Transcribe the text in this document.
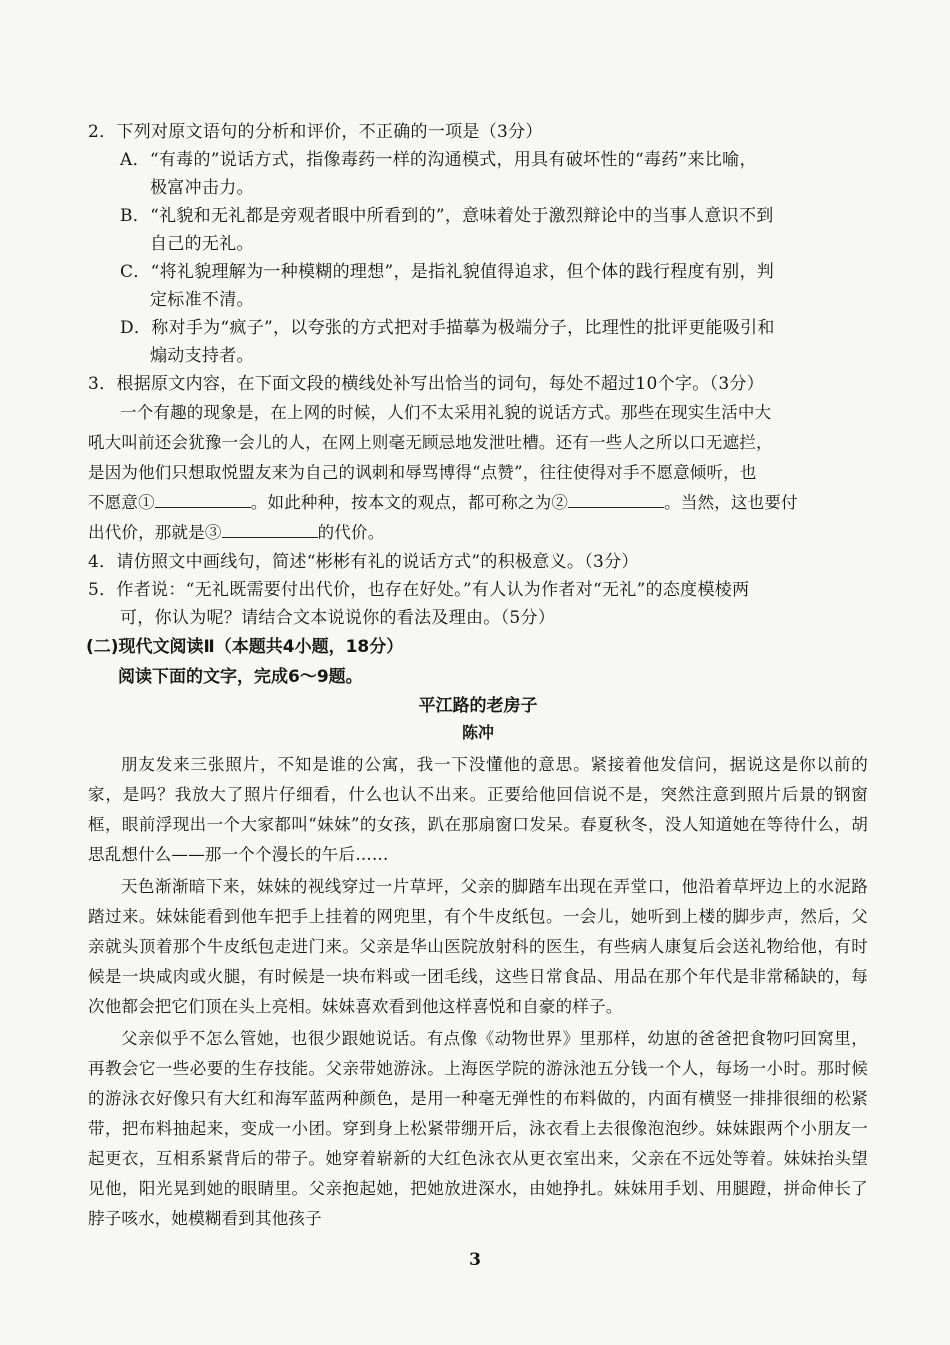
2．下列对原文语句的分析和评价，不正确的一项是（3分）
A．“有毒的”说话方式，指像毒药一样的沟通模式，用具有破坏性的“毒药”来比喻，
极富冲击力。
B．“礼貌和无礼都是旁观者眼中所看到的”，意味着处于激烈辩论中的当事人意识不到
自己的无礼。
C．“将礼貌理解为一种模糊的理想”，是指礼貌值得追求，但个体的践行程度有别，判
定标准不清。
D．称对手为“疯子”，以夸张的方式把对手描摹为极端分子，比理性的批评更能吸引和
煽动支持者。
3．根据原文内容，在下面文段的横线处补写出恰当的词句，每处不超过10个字。（3分）
一个有趣的现象是，在上网的时候，人们不太采用礼貌的说话方式。那些在现实生活中大
吼大叫前还会犹豫一会儿的人，在网上则毫无顾忌地发泄吐槽。还有一些人之所以口无遮拦，
是因为他们只想取悦盟友来为自己的讽刺和辱骂博得“点赞”，往往使得对手不愿意倾听，也
不愿意①	。如此种种，按本文的观点，都可称之为②	。当然，这也要付
出代价，那就是③	的代价。
4．请仿照文中画线句，简述“彬彬有礼的说话方式”的积极意义。（3分）
5．作者说：“无礼既需要付出代价，也存在好处。”有人认为作者对“无礼”的态度模棱两
可，你认为呢？请结合文本说说你的看法及理由。（5分）
(二)现代文阅读Ⅱ（本题共4小题，18分）
阅读下面的文字，完成6～9题。
平江路的老房子
陈冲

朋友发来三张照片，不知是谁的公寓，我一下没懂他的意思。紧接着他发信问，据说这是你以前的家，是吗？我放大了照片仔细看，什么也认不出来。正要给他回信说不是，突然注意到照片后景的钢窗框，眼前浮现出一个大家都叫“妹妹”的女孩，趴在那扇窗口发呆。春夏秋冬，没人知道她在等待什么，胡思乱想什么——那一个个漫长的午后……

天色渐渐暗下来，妹妹的视线穿过一片草坪，父亲的脚踏车出现在弄堂口，他沿着草坪边上的水泥路踏过来。妹妹能看到他车把手上挂着的网兜里，有个牛皮纸包。一会儿，她听到上楼的脚步声，然后，父亲就头顶着那个牛皮纸包走进门来。父亲是华山医院放射科的医生，有些病人康复后会送礼物给他，有时候是一块咸肉或火腿，有时候是一块布料或一团毛线，这些日常食品、用品在那个年代是非常稀缺的，每次他都会把它们顶在头上亮相。妹妹喜欢看到他这样喜悦和自豪的样子。

父亲似乎不怎么管她，也很少跟她说话。有点像《动物世界》里那样，幼崽的爸爸把食物叼回窝里，再教会它一些必要的生存技能。父亲带她游泳。上海医学院的游泳池五分钱一个人，每场一小时。那时候的游泳衣好像只有大红和海军蓝两种颜色，是用一种毫无弹性的布料做的，内面有横竖一排排很细的松紧带，把布料抽起来，变成一小团。穿到身上松紧带绷开后，泳衣看上去很像泡泡纱。妹妹跟两个小朋友一起更衣，互相系紧背后的带子。她穿着崭新的大红色泳衣从更衣室出来，父亲在不远处等着。妹妹抬头望见他，阳光晃到她的眼睛里。父亲抱起她，把她放进深水，由她挣扎。妹妹用手划、用腿蹬，拼命伸长了脖子咳水，她模糊看到其他孩子

3
